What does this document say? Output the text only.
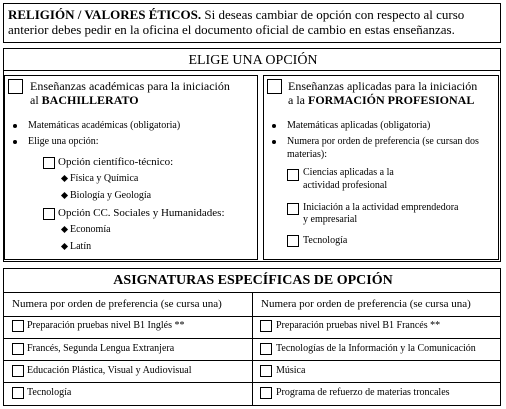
RELIGIÓN / VALORES ÉTICOS. Si deseas cambiar de opción con respecto al curso
anterior debes pedir en la oficina el documento oficial de cambio en estas enseñanzas.
ELIGE UNA OPCIÓN
Enseñanzas académicas para la iniciación
al BACHILLERATO
Matemáticas académicas (obligatoria)
Elige una opción:
Opción científico-técnico:
Física y Química
Biología y Geología
Opción CC. Sociales y Humanidades:
Economía
Latín
Enseñanzas aplicadas para la iniciación
a la FORMACIÓN PROFESIONAL
Matemáticas aplicadas (obligatoria)
Numera por orden de preferencia (se cursan dos
materias):
Ciencias aplicadas a la
actividad profesional
Iniciación a la actividad emprendedora
y empresarial
Tecnología
ASIGNATURAS ESPECÍFICAS DE OPCIÓN
Numera por orden de preferencia (se cursa una)	Numera por orden de preferencia (se cursa una)
Preparación pruebas nivel B1 Inglés **
Francés, Segunda Lengua Extranjera
Educación Plástica, Visual y Audiovisual
Tecnología
Preparación pruebas nivel B1 Francés **
Tecnologías de la Información y la Comunicación
Música
Programa de refuerzo de materias troncales
